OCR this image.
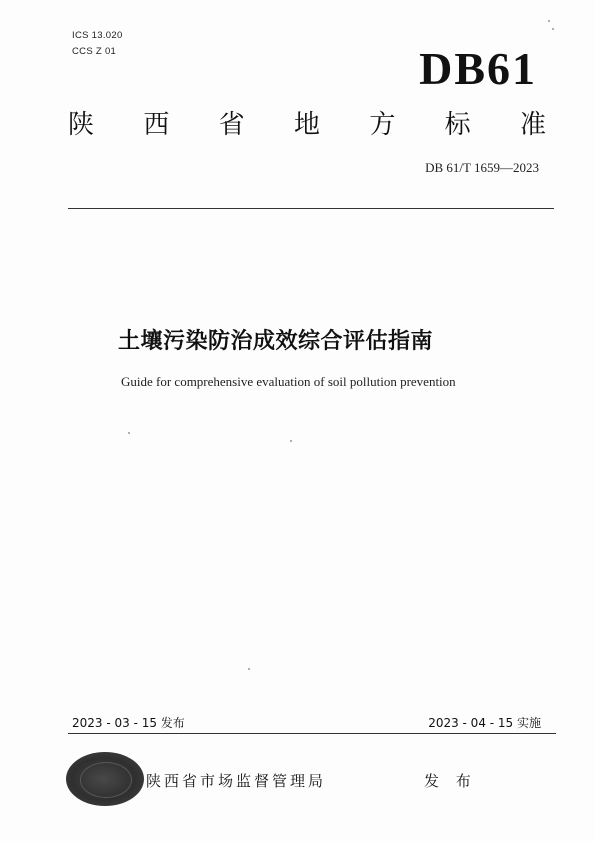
ICS 13.020
CCS Z 01	DB61
陕 西 省 地 方 标 准
DB 61/T 1659—2023
土壤污染防治成效综合评估指南
Guide for comprehensive evaluation of soil pollution prevention
2023 - 03 - 15 发布	2023 - 04 - 15 实施
陕西省市场监督管理局	发 布
